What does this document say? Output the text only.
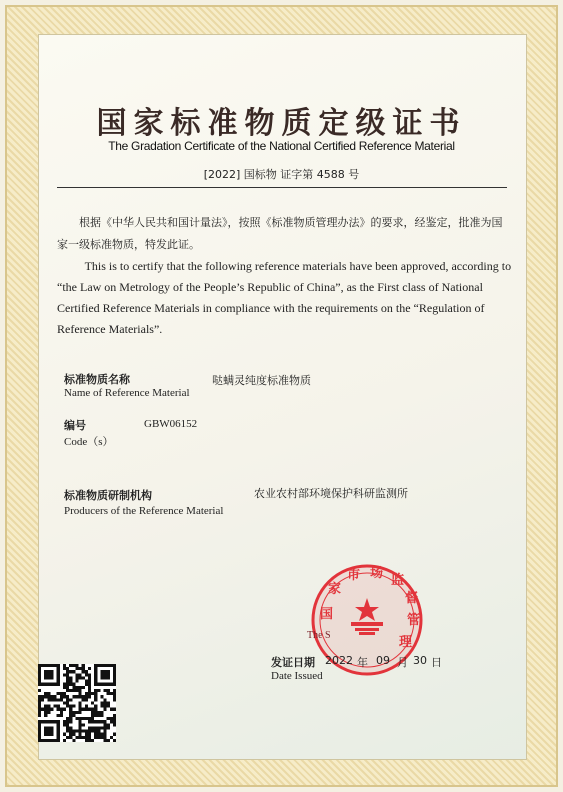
国家标准物质定级证书
The Gradation Certificate of the National Certified Reference Material
[2022] 国标物 证字第 4588 号
根据《中华人民共和国计量法》，按照《标准物质管理办法》的要求，经鉴定，批准为国家一级标准物质，特发此证。
This is to certify that the following reference materials have been approved, according to “the Law on Metrology of the People’s Republic of China”, as the First class of National Certified Reference Materials in compliance with the requirements on the “Regulation of Reference Materials”.
标准物质名称
Name of Reference Material
哒螨灵纯度标准物质
编号
Code（s）
GBW06152
标准物质研制机构
Producers of the Reference Material
农业农村部环境保护科研监测所
国
家
市 场 监
督
管
理
The S
发证日期 2022 年 09 月 30 日
Date Issued
